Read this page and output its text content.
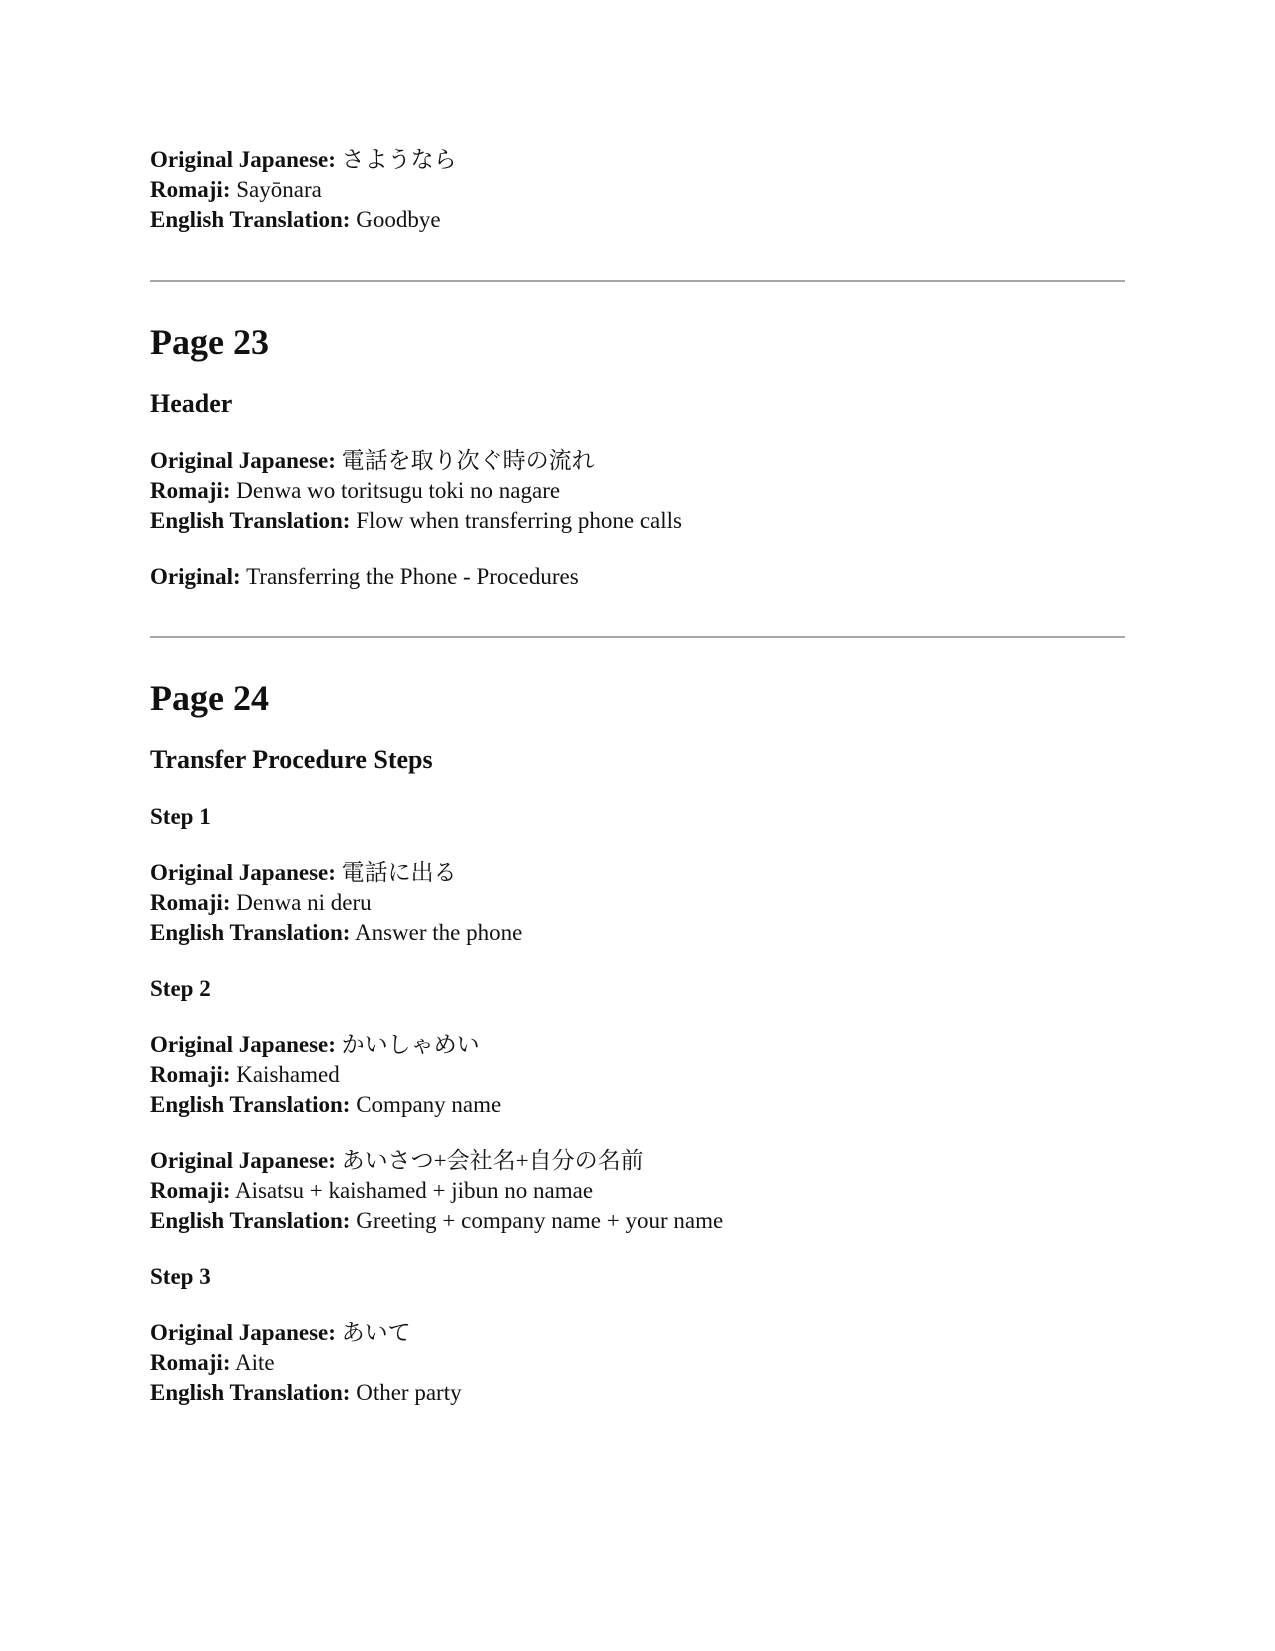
Original Japanese: さようなら
Romaji: Sayōnara
English Translation: Goodbye
Page 23
Header
Original Japanese: 電話を取り次ぐ時の流れ
Romaji: Denwa wo toritsugu toki no nagare
English Translation: Flow when transferring phone calls
Original: Transferring the Phone - Procedures
Page 24
Transfer Procedure Steps
Step 1
Original Japanese: 電話に出る
Romaji: Denwa ni deru
English Translation: Answer the phone
Step 2
Original Japanese: かいしゃめい
Romaji: Kaishamed
English Translation: Company name
Original Japanese: あいさつ+会社名+自分の名前
Romaji: Aisatsu + kaishamed + jibun no namae
English Translation: Greeting + company name + your name
Step 3
Original Japanese: あいて
Romaji: Aite
English Translation: Other party
